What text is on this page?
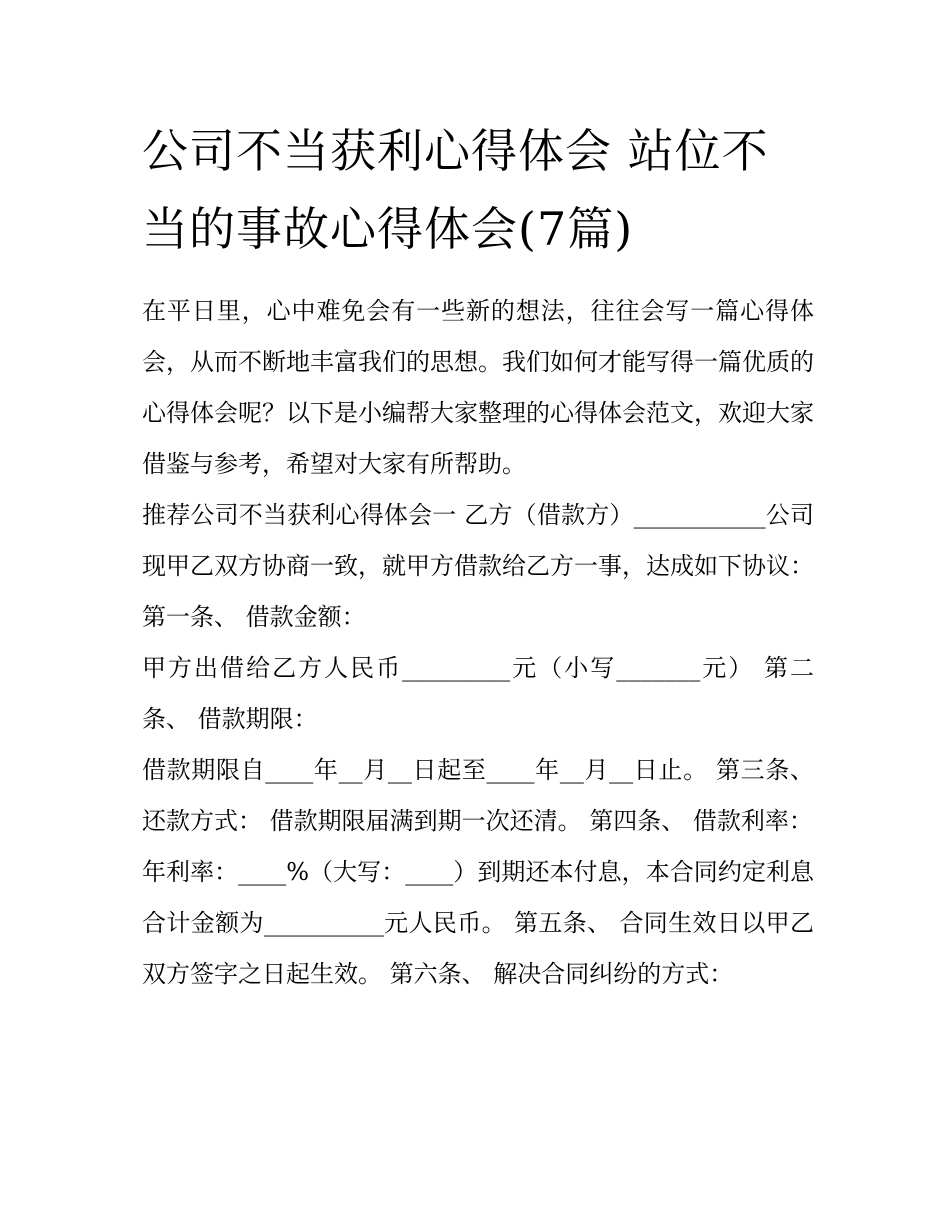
公司不当获利心得体会 站位不当的事故心得体会(7篇)

在平日里，心中难免会有一些新的想法，往往会写一篇心得体会，从而不断地丰富我们的思想。我们如何才能写得一篇优质的心得体会呢？以下是小编帮大家整理的心得体会范文，欢迎大家借鉴与参考，希望对大家有所帮助。

推荐公司不当获利心得体会一 乙方（借款方）___________公司 现甲乙双方协商一致，就甲方借款给乙方一事，达成如下协议： 第一条、 借款金额：

甲方出借给乙方人民币_________元（小写_______元） 第二条、 借款期限：

借款期限自____年__月__日起至____年__月__日止。 第三条、 还款方式： 借款期限届满到期一次还清。 第四条、 借款利率：

年利率：____%（大写：____）到期还本付息，本合同约定利息合计金额为__________元人民币。 第五条、 合同生效日以甲乙双方签字之日起生效。 第六条、 解决合同纠纷的方式：
